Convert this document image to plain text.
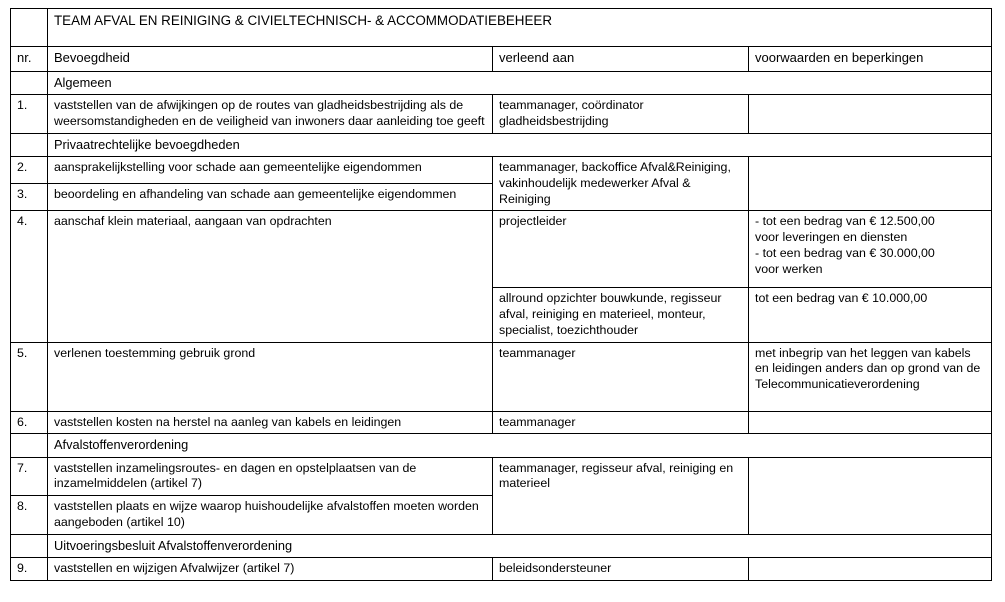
	TEAM AFVAL EN REINIGING & CIVIELTECHNISCH- & ACCOMMODATIEBEHEER		
nr.	Bevoegdheid	verleend aan	voorwaarden en beperkingen
	Algemeen		
1.	vaststellen van de afwijkingen op de routes van gladheidsbestrijding als de weersomstandigheden en de veiligheid van inwoners daar aanleiding toe geeft	teammanager, coördinator gladheidsbestrijding	
	Privaatrechtelijke bevoegdheden		
2.	aansprakelijkstelling voor schade aan gemeentelijke eigendommen	teammanager, backoffice Afval&Reiniging, vakinhoudelijk medewerker Afval & Reiniging	
3.	beoordeling en afhandeling van schade aan gemeentelijke eigendommen		
4.	aanschaf klein materiaal, aangaan van opdrachten	projectleider	- tot een bedrag van € 12.500,00
voor leveringen en diensten
- tot een bedrag van € 30.000,00
voor werken

		allround opzichter bouwkunde, regisseur afval, reiniging en materieel, monteur, specialist, toezichthouder	tot een bedrag van € 10.000,00
5.	verlenen toestemming gebruik grond	teammanager	met inbegrip van het leggen van kabels en leidingen anders dan op grond van de Telecommunicatieverordening
6.	vaststellen kosten na herstel na aanleg van kabels en leidingen	teammanager	
	Afvalstoffenverordening		
7.	vaststellen inzamelingsroutes- en dagen en opstelplaatsen van de inzamelmiddelen (artikel 7)	teammanager, regisseur afval, reiniging en materieel	
8.	vaststellen plaats en wijze waarop huishoudelijke afvalstoffen moeten worden aangeboden (artikel 10)		
	Uitvoeringsbesluit Afvalstoffenverordening		
9.	vaststellen en wijzigen Afvalwijzer (artikel 7)	beleidsondersteuner	
